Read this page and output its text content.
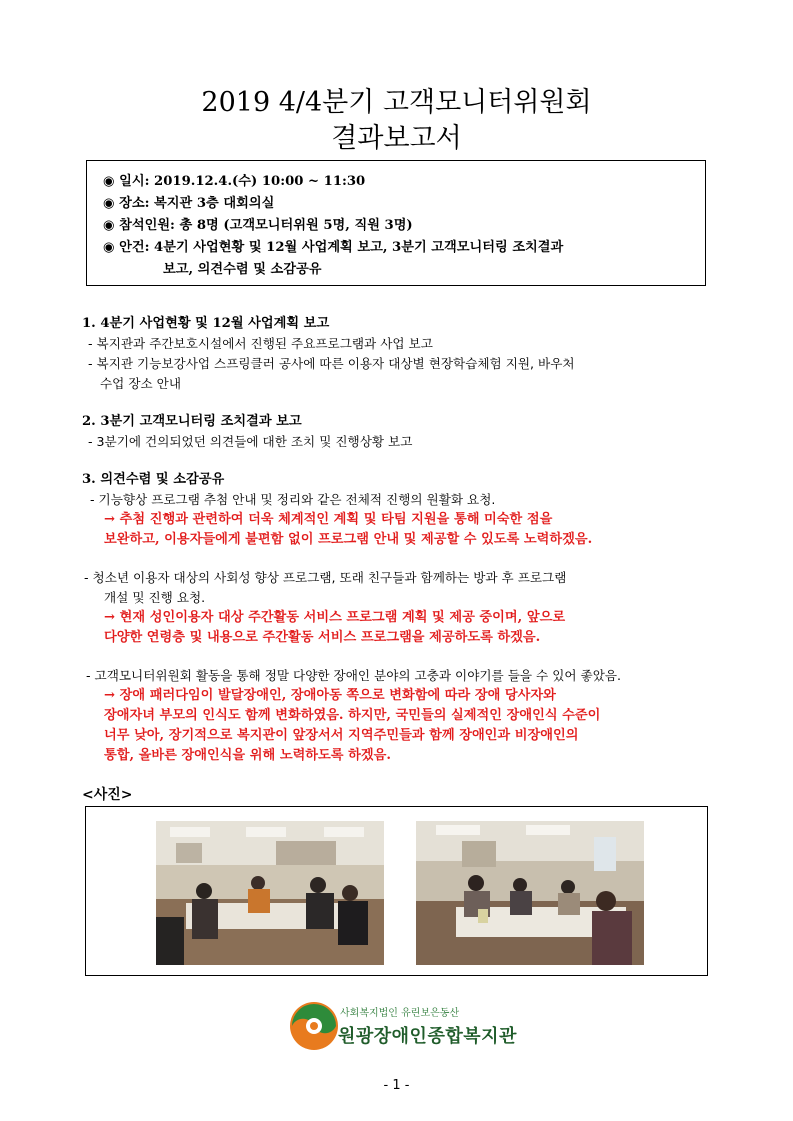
2019 4/4분기 고객모니터위원회
결과보고서
◉ 일시: 2019.12.4.(수) 10:00 ~ 11:30
◉ 장소: 복지관 3층 대회의실
◉ 참석인원: 총 8명 (고객모니터위원 5명, 직원 3명)
◉ 안건: 4분기 사업현황 및 12월 사업계획 보고, 3분기 고객모니터링 조치결과
보고, 의견수렴 및 소감공유
1. 4분기 사업현황 및 12월 사업계획 보고
- 복지관과 주간보호시설에서 진행된 주요프로그램과 사업 보고
- 복지관 기능보강사업 스프링클러 공사에 따른 이용자 대상별 현장학습체험 지원, 바우처
수업 장소 안내
2. 3분기 고객모니터링 조치결과 보고
- 3분기에 건의되었던 의견들에 대한 조치 및 진행상황 보고
3. 의견수렴 및 소감공유
- 기능향상 프로그램 추첨 안내 및 정리와 같은 전체적 진행의 원활화 요청.
→ 추첨 진행과 관련하여 더욱 체계적인 계획 및 타팀 지원을 통해 미숙한 점을
보완하고, 이용자들에게 불편함 없이 프로그램 안내 및 제공할 수 있도록 노력하겠음.
- 청소년 이용자 대상의 사회성 향상 프로그램, 또래 친구들과 함께하는 방과 후 프로그램
개설 및 진행 요청.
→ 현재 성인이용자 대상 주간활동 서비스 프로그램 계획 및 제공 중이며, 앞으로
다양한 연령층 및 내용으로 주간활동 서비스 프로그램을 제공하도록 하겠음.
- 고객모니터위원회 활동을 통해 정말 다양한 장애인 분야의 고충과 이야기를 들을 수 있어 좋았음.
→ 장애 패러다임이 발달장애인, 장애아동 쪽으로 변화함에 따라 장애 당사자와
장애자녀 부모의 인식도 함께 변화하였음. 하지만, 국민들의 실제적인 장애인식 수준이
너무 낮아, 장기적으로 복지관이 앞장서서 지역주민들과 함께 장애인과 비장애인의
통합, 올바른 장애인식을 위해 노력하도록 하겠음.
<사진>
사회복지법인 유린보은동산
원광장애인종합복지관
- 1 -
